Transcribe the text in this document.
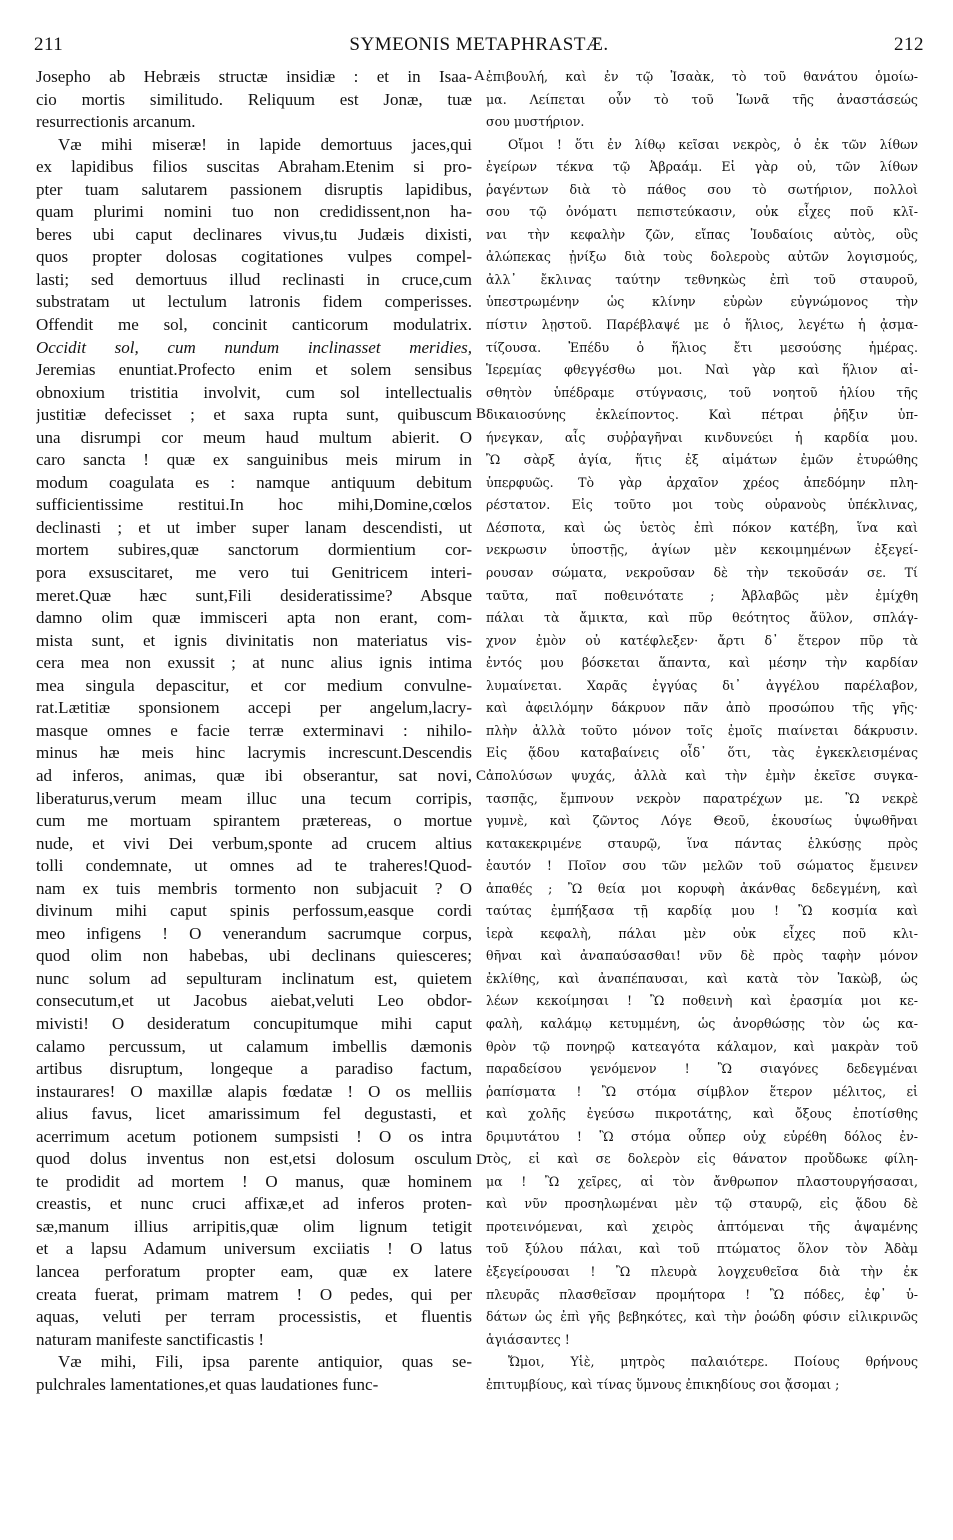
211	SYMEONIS METAPHRASTÆ.	212
Josepho ab Hebræis structæ insidiæ : et in Isaa-
cio mortis similitudo. Reliquum est Jonæ, tuæ
resurrectionis arcanum.
Væ mihi miseræ! in lapide demortuus jaces,qui
ex lapidibus filios suscitas Abraham.Etenim si pro-
pter tuam salutarem passionem disruptis lapidibus,
quam plurimi nomini tuo non credidissent,non ha-
beres ubi caput declinares vivus,tu Judæis dixisti,
quos propter dolosas cogitationes vulpes compel-
lasti; sed demortuus illud reclinasti in cruce,cum
substratam ut lectulum latronis fidem comperisses.
Offendit me sol, concinit canticorum modulatrix.
Occidit sol, cum nundum inclinasset meridies,
Jeremias enuntiat.Profecto enim et solem sensibus
obnoxium tristitia involvit, cum sol intellectualis
justitiæ defecisset ; et saxa rupta sunt, quibuscum
una disrumpi cor meum haud multum abierit. O
caro sancta ! quæ ex sanguinibus meis mirum in
modum coagulata es : namque antiquum debitum
sufficientissime restitui.In hoc mihi,Domine,cœlos
declinasti ; et ut imber super lanam descendisti, ut
mortem subires,quæ sanctorum dormientium cor-
pora exsuscitaret, me vero tui Genitricem interi-
meret.Quæ hæc sunt,Fili desideratissime? Absque
damno olim quæ immisceri apta non erant, com-
mista sunt, et ignis divinitatis non materiatus vis-
cera mea non exussit ; at nunc alius ignis intima
mea singula depascitur, et cor medium convulne-
rat.Lætitiæ sponsionem accepi per angelum,lacry-
masque omnes e facie terræ exterminavi : nihilo-
minus hæ meis hinc lacrymis increscunt.Descendis
ad inferos, animas, quæ ibi obserantur, sat novi,
liberaturus,verum meam illuc una tecum corripis,
cum me mortuam spirantem prætereas, o mortue
nude, et vivi Dei verbum,sponte ad crucem altius
tolli condemnate, ut omnes ad te traheres!Quod-
nam ex tuis membris tormento non subjacuit ? O
divinum mihi caput spinis perfossum,easque cordi
meo infigens ! O venerandum sacrumque corpus,
quod olim non habebas, ubi declinans quiesceres;
nunc solum ad sepulturam inclinatum est, quietem
consecutum,et ut Jacobus aiebat,veluti Leo obdor-
mivisti! O desideratum concupitumque mihi caput
calamo percussum, ut calamum imbellis dæmonis
artibus disruptum, longeque a paradiso factum,
instaurares! O maxillæ alapis fœdatæ ! O os melliis
alius favus, licet amarissimum fel degustasti, et
acerrimum acetum potionem sumpsisti ! O os intra
quod dolus inventus non est,etsi dolosum osculum
te prodidit ad mortem ! O manus, quæ hominem
creastis, et nunc cruci affixæ,et ad inferos proten-
sæ,manum illius arripitis,quæ olim lignum tetigit
et a lapsu Adamum universum exciiatis ! O latus
lancea perforatum propter eam, quæ ex latere
creata fuerat, primam matrem ! O pedes, qui per
aquas, veluti per terram processistis, et fluentis
naturam manifeste sanctificastis !
Væ mihi, Fili, ipsa parente antiquior, quas se-
pulchrales lamentationes,et quas laudationes func-
ἐπιβουλή, καὶ ἐν τῷ Ἰσαὰκ, τὸ τοῦ θανάτου ὁμοίω-
μα. Λείπεται οὖν τὸ τοῦ Ἰωνᾶ τῆς ἀναστάσεώς
σου μυστήριον.
Οἴμοι ! ὅτι ἐν λίθῳ κεῖσαι νεκρὸς, ὁ ἐκ τῶν λίθων
ἐγείρων τέκνα τῷ Ἀβραάμ. Εἰ γὰρ οὐ, τῶν λίθων
ῥαγέντων διὰ τὸ πάθος σου τὸ σωτήριον, πολλοὶ
σου τῷ ὀνόματι πεπιστεύκασιν, οὐκ εἶχες ποῦ κλῖ-
ναι τὴν κεφαλὴν ζῶν, εἴπας Ἰουδαίοις αὐτὸς, οὓς
ἀλώπεκας ᾐνίξω διὰ τοὺς δολεροὺς αὐτῶν λογισμούς,
ἀλλ᾽ ἔκλινας ταύτην τεθνηκὼς ἐπὶ τοῦ σταυροῦ,
ὑπεστρωμένην ὡς κλίνην εὑρὼν εὐγνώμονος τὴν
πίστιν λῃστοῦ. Παρέβλαψέ με ὁ ἥλιος, λεγέτω ἡ ᾀσμα-
τίζουσα. Ἐπέδυ ὁ ἥλιος ἔτι μεσούσης ἡμέρας.
Ἱερεμίας φθεγγέσθω μοι. Ναὶ γὰρ καὶ ἥλιον αἰ-
σθητὸν ὑπέδραμε στύγνασις, τοῦ νοητοῦ ἡλίου τῆς
δικαιοσύνης ἐκλείποντος. Καὶ πέτραι ῥῆξιν ὑπ-
ήνεγκαν, αἷς συῤῥαγῆναι κινδυνεύει ἡ καρδία μου.
Ὢ σὰρξ ἁγία, ἥτις ἐξ αἱμάτων ἐμῶν ἐτυρώθης
ὑπερφυῶς. Τὸ γὰρ ἀρχαῖον χρέος ἀπεδόμην πλη-
ρέστατον. Εἰς τοῦτο μοι τοὺς οὐρανοὺς ὑπέκλινας,
Δέσποτα, καὶ ὡς ὑετὸς ἐπὶ πόκον κατέβη, ἵνα καὶ
νεκρωσιν ὑποστῇς, ἁγίων μὲν κεκοιμημένων ἐξεγεί-
ρουσαν σώματα, νεκροῦσαν δὲ τὴν τεκοῦσάν σε. Τί
ταῦτα, παῖ ποθεινότατε ; Ἀβλαβῶς μὲν ἐμίχθη
πάλαι τὰ ἄμικτα, καὶ πῦρ θεότητος ἄϋλον, σπλάγ-
χνον ἐμὸν οὐ κατέφλεξεν· ἄρτι δ᾽ ἕτερον πῦρ τὰ
ἐντός μου βόσκεται ἅπαντα, καὶ μέσην τὴν καρδίαν
λυμαίνεται. Χαρᾶς ἐγγύας δι᾽ ἀγγέλου παρέλαβον,
καὶ ἀφειλόμην δάκρυον πᾶν ἀπὸ προσώπου τῆς γῆς·
πλὴν ἀλλὰ τοῦτο μόνον τοῖς ἐμοῖς πιαίνεται δάκρυσιν.
Εἰς ᾅδου καταβαίνεις οἶδ᾽ ὅτι, τὰς ἐγκεκλεισμένας
ἀπολύσων ψυχάς, ἀλλὰ καὶ τὴν ἐμὴν ἐκεῖσε συγκα-
τασπᾷς, ἔμπνουν νεκρὸν παρατρέχων με. Ὢ νεκρὲ
γυμνὲ, καὶ ζῶντος Λόγε Θεοῦ, ἑκουσίως ὑψωθῆναι
κατακεκριμένε σταυρῷ, ἵνα πάντας ἑλκύσῃς πρὸς
ἑαυτόν ! Ποῖον σου τῶν μελῶν τοῦ σώματος ἔμεινεν
ἀπαθές ; Ὢ θεία μοι κορυφὴ ἀκάνθας δεδεγμένη, καὶ
ταύτας ἐμπήξασα τῇ καρδίᾳ μου ! Ὢ κοσμία καὶ
ἱερὰ κεφαλὴ, πάλαι μὲν οὐκ εἶχες ποῦ κλι-
θῆναι καὶ ἀναπαύσασθαι! νῦν δὲ πρὸς ταφὴν μόνον
ἐκλίθης, καὶ ἀναπέπαυσαι, καὶ κατὰ τὸν Ἰακὼβ, ὡς
λέων κεκοίμησαι ! Ὢ ποθεινὴ καὶ ἐρασμία μοι κε-
φαλὴ, καλάμῳ κετυμμένη, ὡς ἀνορθώσῃς τὸν ὡς κα-
θρὸν τῷ πονηρῷ κατεαγότα κάλαμον, καὶ μακρὰν τοῦ
παραδείσου γενόμενον ! Ὢ σιαγόνες δεδεγμέναι
ῥαπίσματα ! Ὢ στόμα σίμβλον ἕτερον μέλιτος, εἰ
καὶ χολῆς ἐγεύσω πικροτάτης, καὶ ὄξους ἐποτίσθης
δριμυτάτου ! Ὢ στόμα οὗπερ οὐχ εὑρέθη δόλος ἐν-
τὸς, εἰ καὶ σε δολερὸν εἰς θάνατον προὔδωκε φίλη-
μα ! Ὢ χεῖρες, αἱ τὸν ἄνθρωπον πλαστουργήσασαι,
καὶ νῦν προσηλωμέναι μὲν τῷ σταυρῷ, εἰς ᾅδου δὲ
προτεινόμεναι, καὶ χειρὸς ἀπτόμεναι τῆς ἁψαμένης
τοῦ ξύλου πάλαι, καὶ τοῦ πτώματος ὅλον τὸν Ἀδὰμ
ἐξεγείρουσαι ! Ὢ πλευρὰ λογχευθεῖσα διὰ τὴν ἐκ
πλευρᾶς πλασθεῖσαν προμήτορα ! Ὢ πόδες, ἐφ᾽ ὑ-
δάτων ὡς ἐπὶ γῆς βεβηκότες, καὶ τὴν ῥοώδη φύσιν εἰλικρινῶς
ἁγιάσαντες !
Ὤμοι, Υἱὲ, μητρὸς παλαιότερε. Ποίους θρήνους
ἐπιτυμβίους, καὶ τίνας ὕμνους ἐπικηδίους σοι ᾄσομαι ;
A
B
C
D
